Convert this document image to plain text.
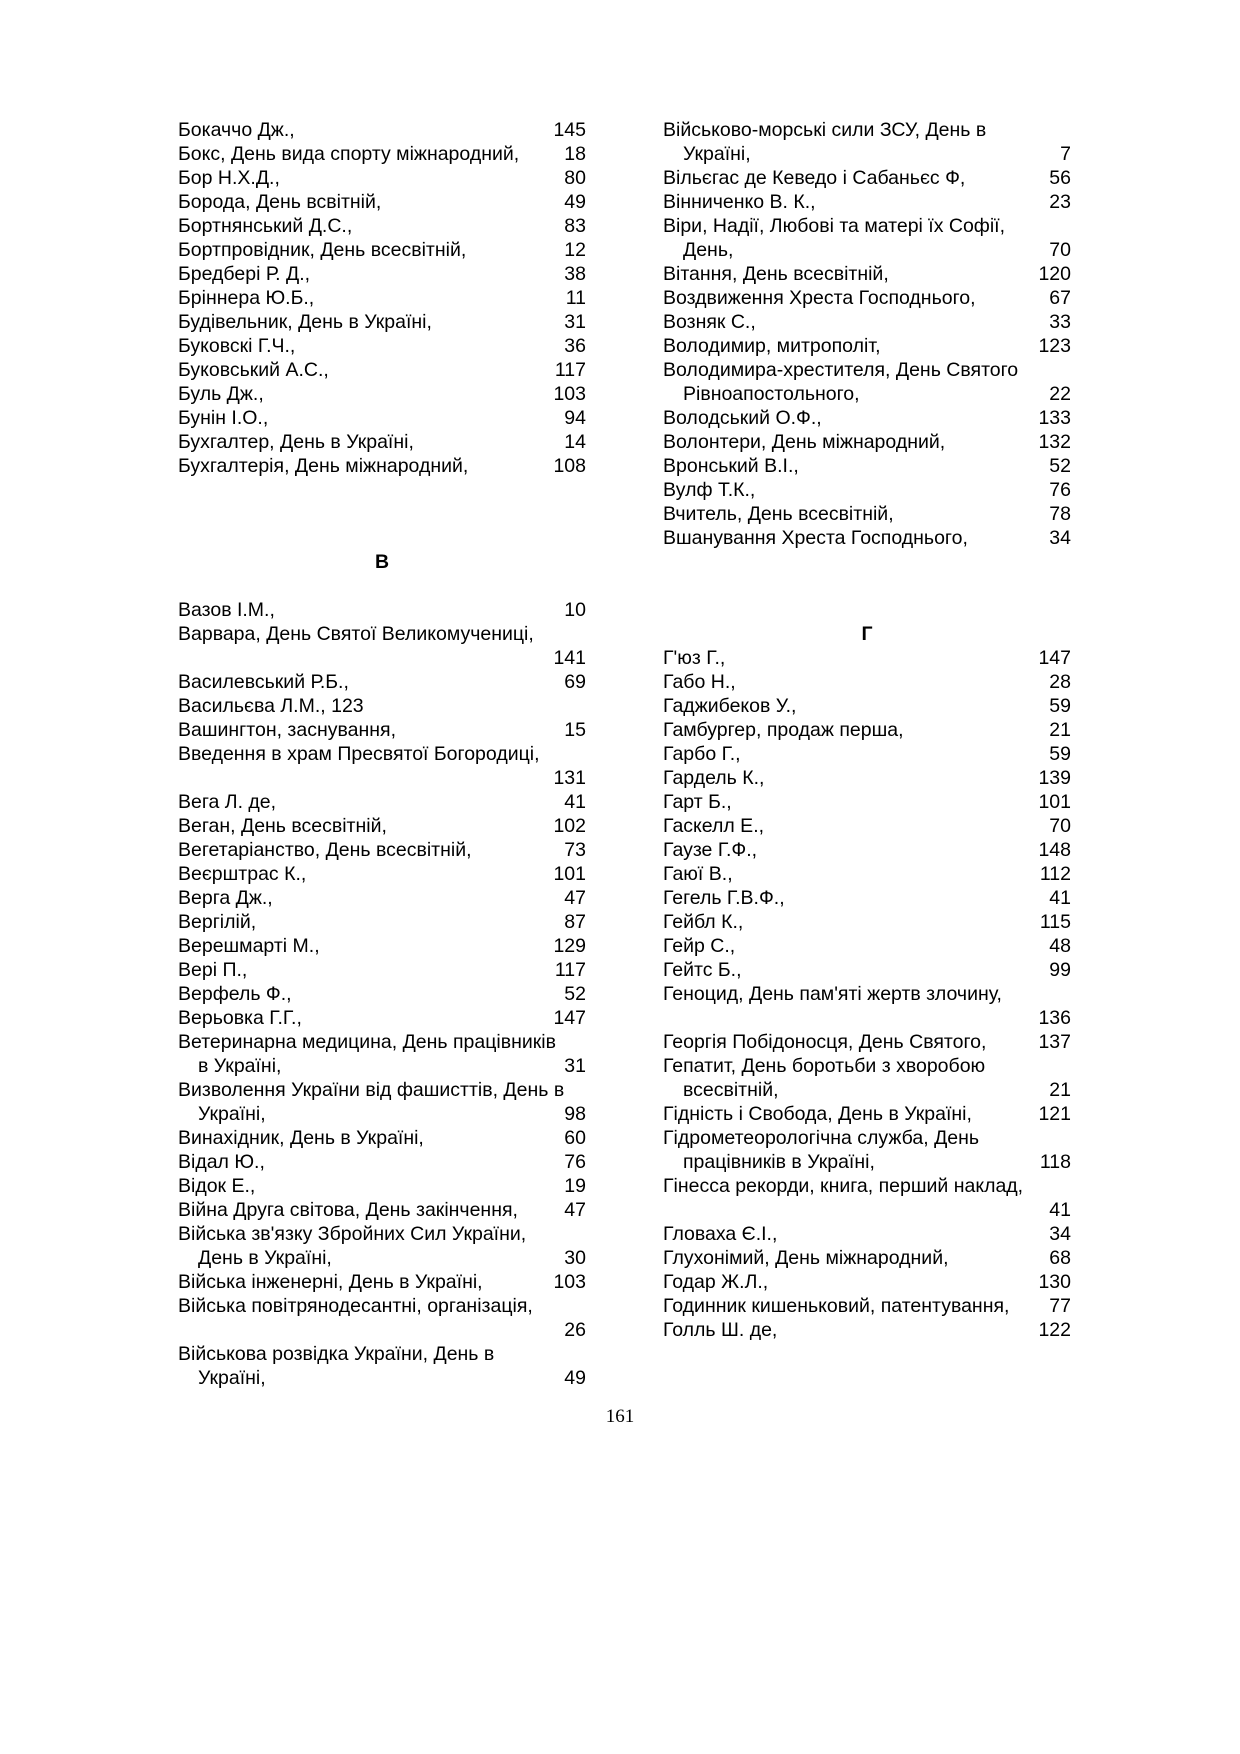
Бокаччо Дж.,	145
Бокс, День вида спорту міжнародний, 18
Бор Н.Х.Д.,	80
Борода, День всвітній,	49
Бортнянський Д.С.,	83
Бортпровідник, День всесвітній,	12
Бредбері Р. Д.,	38
Бріннера Ю.Б.,	11
Будівельник, День в Україні,	31
Буковскі Г.Ч.,	36
Буковський А.С.,	117
Буль Дж.,	103
Бунін І.О.,	94
Бухгалтер, День в Україні,	14
Бухгалтерія, День міжнародний,	108
В
Вазов І.М.,	10
Варвара, День Святої Великомучениці,
141
Василевський Р.Б.,	69
Васильєва Л.М., 123
Вашингтон, заснування,	15
Введення в храм Пресвятої Богородиці,
131
Вега Л. де,	41
Веган, День всесвітній,	102
Вегетаріанство, День всесвітній,	73
Веєрштрас К.,	101
Верга Дж.,	47
Вергілій,	87
Верешмарті М.,	129
Вері П.,	117
Верфель Ф.,	52
Верьовка Г.Г.,	147
Ветеринарна медицина, День працівників
в Україні,	31
Визволення України від фашисттів, День в
Україні,	98
Винахідник, День в Україні,	60
Відал Ю.,	76
Відок Е.,	19
Війна Друга світова, День закінчення, 47
Війська зв'язку Збройних Сил України,
День в Україні,	30
Війська інженерні, День в Україні,	103
Війська повітрянодесантні, організація,
26
Військова розвідка України, День в
Україні,	49
Військово-морські сили ЗСУ, День в
Україні,	7
Вільєгас де Кеведо і Сабаньєс Ф,	56
Вінниченко В. К.,	23
Віри, Надії, Любові та матері їх Софії,
День,	70
Вітання, День всесвітній,	120
Воздвиження Хреста Господнього,	67
Возняк С.,	33
Володимир, митрополіт,	123
Володимира-хрестителя, День Святого
Рівноапостольного,	22
Володський О.Ф.,	133
Волонтери, День міжнародний,	132
Вронський В.І.,	52
Вулф Т.К.,	76
Вчитель, День всесвітній,	78
Вшанування Хреста Господнього,	34
Г
Г'юз Г.,	147
Габо Н.,	28
Гаджибеков У.,	59
Гамбургер, продаж перша,	21
Гарбо Г.,	59
Гардель К.,	139
Гарт Б.,	101
Гаскелл Е.,	70
Гаузе Г.Ф.,	148
Гаюї В.,	112
Гегель Г.В.Ф.,	41
Гейбл К.,	115
Гейр С.,	48
Гейтс Б.,	99
Геноцид, День пам'яті жертв злочину,
136
Георгія Побідоносця, День Святого,	137
Гепатит, День боротьби з хворобою
всесвітній,	21
Гідність і Свобода, День в Україні,	121
Гідрометеорологічна служба, День
працівників в Україні,	118
Гінесса рекорди, книга, перший наклад,
41
Гловаха Є.І.,	34
Глухонімий, День міжнародний,	68
Годар Ж.Л.,	130
Годинник кишеньковий, патентування, 77
Голль Ш. де,	122
161
